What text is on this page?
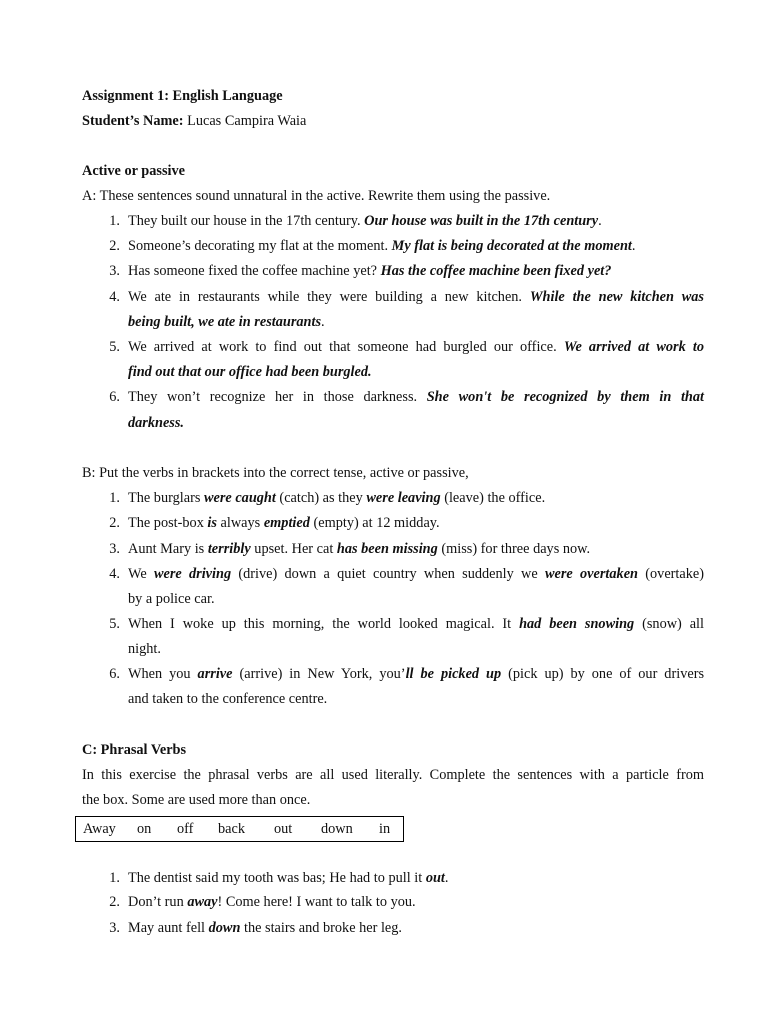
Assignment 1: English Language
Student’s Name: Lucas Campira Waia
Active or passive
A: These sentences sound unnatural in the active. Rewrite them using the passive.
1. They built our house in the 17th century. Our house was built in the 17th century.
2. Someone’s decorating my flat at the moment. My flat is being decorated at the moment.
3. Has someone fixed the coffee machine yet? Has the coffee machine been fixed yet?
4. We ate in restaurants while they were building a new kitchen. While the new kitchen was
being built, we ate in restaurants.
5. We arrived at work to find out that someone had burgled our office. We arrived at work to
find out that our office had been burgled.
6. They won’t recognize her in those darkness. She won't be recognized by them in that
darkness.
B: Put the verbs in brackets into the correct tense, active or passive,
1. The burglars were caught (catch) as they were leaving (leave) the office.
2. The post-box is always emptied (empty) at 12 midday.
3. Aunt Mary is terribly upset. Her cat has been missing (miss) for three days now.
4. We were driving (drive) down a quiet country when suddenly we were overtaken (overtake)
by a police car.
5. When I woke up this morning, the world looked magical. It had been snowing (snow) all
night.
6. When you arrive (arrive) in New York, you’ll be picked up (pick up) by one of our drivers
and taken to the conference centre.
C: Phrasal Verbs
In this exercise the phrasal verbs are all used literally. Complete the sentences with a particle from
the box. Some are used more than once.
Away on off back out down in
1. The dentist said my tooth was bas; He had to pull it out.
2. Don’t run away! Come here! I want to talk to you.
3. May aunt fell down the stairs and broke her leg.
